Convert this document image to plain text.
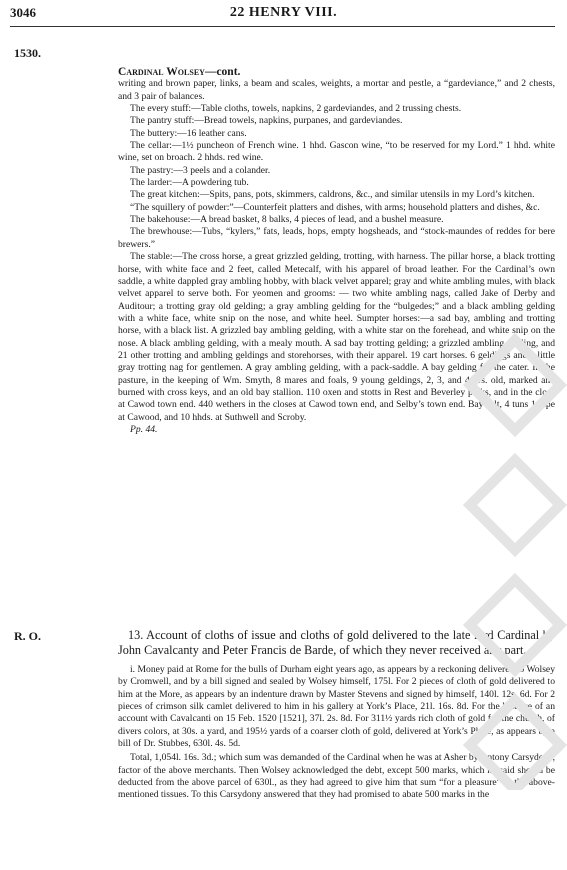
3046	22 HENRY VIII.
1530.

Cardinal Wolsey—cont.

writing and brown paper, links, a beam and scales, weights, a mortar and pestle, a “gardeviance,” and 2 chests, and 3 pair of balances.

The every stuff:—Table cloths, towels, napkins, 2 gardeviandes, and 2 trussing chests.

The pantry stuff:—Bread towels, napkins, purpanes, and gardeviandes.

The buttery:—16 leather cans.

The cellar:—1½ puncheon of French wine. 1 hhd. Gascon wine, “to be reserved for my Lord.” 1 hhd. white wine, set on broach. 2 hhds. red wine.

The pastry:—3 peels and a colander.

The larder:—A powdering tub.

The great kitchen:—Spits, pans, pots, skimmers, caldrons, &c., and similar utensils in my Lord’s kitchen.

“The squillery of powder:”—Counterfeit platters and dishes, with arms; household platters and dishes, &c.

The bakehouse:—A bread basket, 8 balks, 4 pieces of lead, and a bushel measure.

The brewhouse:—Tubs, “kylers,” fats, leads, hops, empty hogsheads, and “stock-maundes of reddes for bere brewers.”

The stable:—The cross horse, a great grizzled gelding, trotting, with harness. The pillar horse, a black trotting horse, with white face and 2 feet, called Metecalf, with his apparel of broad leather. For the Cardinal’s own saddle, a white dappled gray ambling hobby, with black velvet apparel; gray and white ambling mules, with black velvet apparel to serve both. For yeomen and grooms: — two white ambling nags, called Jake of Derby and Auditour; a trotting gray old gelding; a gray ambling gelding for the “bulgedes;” and a black ambling gelding with a white face, white snip on the nose, and white heel. Sumpter horses:—a sad bay, ambling and trotting horse, with a black list. A grizzled bay ambling gelding, with a white star on the forehead, and white snip on the nose. A black ambling gelding, with a mealy mouth. A sad bay trotting gelding; a grizzled ambling gelding, and 21 other trotting and ambling geldings and storehorses, with their apparel. 19 cart horses. 6 geldings and a little gray trotting nag for gentlemen. A gray ambling gelding, with a pack-saddle. A bay gelding for the cater. In the pasture, in the keeping of Wm. Smyth, 8 mares and foals, 9 young geldings, 2, 3, and 4 yrs. old, marked and burned with cross keys, and an old bay stallion. 110 oxen and stotts in Rest and Beverley parks, and in the close at Cawod town end. 440 wethers in the closes at Cawod town end, and Selby’s town end. Bay salt, 4 tuns 1 pipe at Cawood, and 10 hhds. at Suthwell and Scroby.

Pp. 44.

R. O.	13. Account of cloths of issue and cloths of gold delivered to the late lord Cardinal by John Cavalcanty and Peter Francis de Barde, of which they never received any part.

i. Money paid at Rome for the bulls of Durham eight years ago, as appears by a reckoning delivered to Wolsey by Cromwell, and by a bill signed and sealed by Wolsey himself, 175l. For 2 pieces of cloth of gold delivered to him at the More, as appears by an indenture drawn by Master Stevens and signed by himself, 140l. 12s. 6d. For 2 pieces of crimson silk camlet delivered to him in his gallery at York’s Place, 21l. 16s. 8d. For the balance of an account with Cavalcanti on 15 Feb. 1520 [1521], 37l. 2s. 8d. For 311½ yards rich cloth of gold for the church, of divers colors, at 30s. a yard, and 195½ yards of a coarser cloth of gold, delivered at York’s Place, as appears by a bill of Dr. Stubbes, 630l. 4s. 5d.

Total, 1,054l. 16s. 3d.; which sum was demanded of the Cardinal when he was at Asher by Antony Carsydony, factor of the above merchants. Then Wolsey acknowledged the debt, except 500 marks, which he said should be deducted from the above parcel of 630l., as they had agreed to give him that sum “for a pleasure” in the above-mentioned tissues. To this Carsydony answered that they had promised to abate 500 marks in the
